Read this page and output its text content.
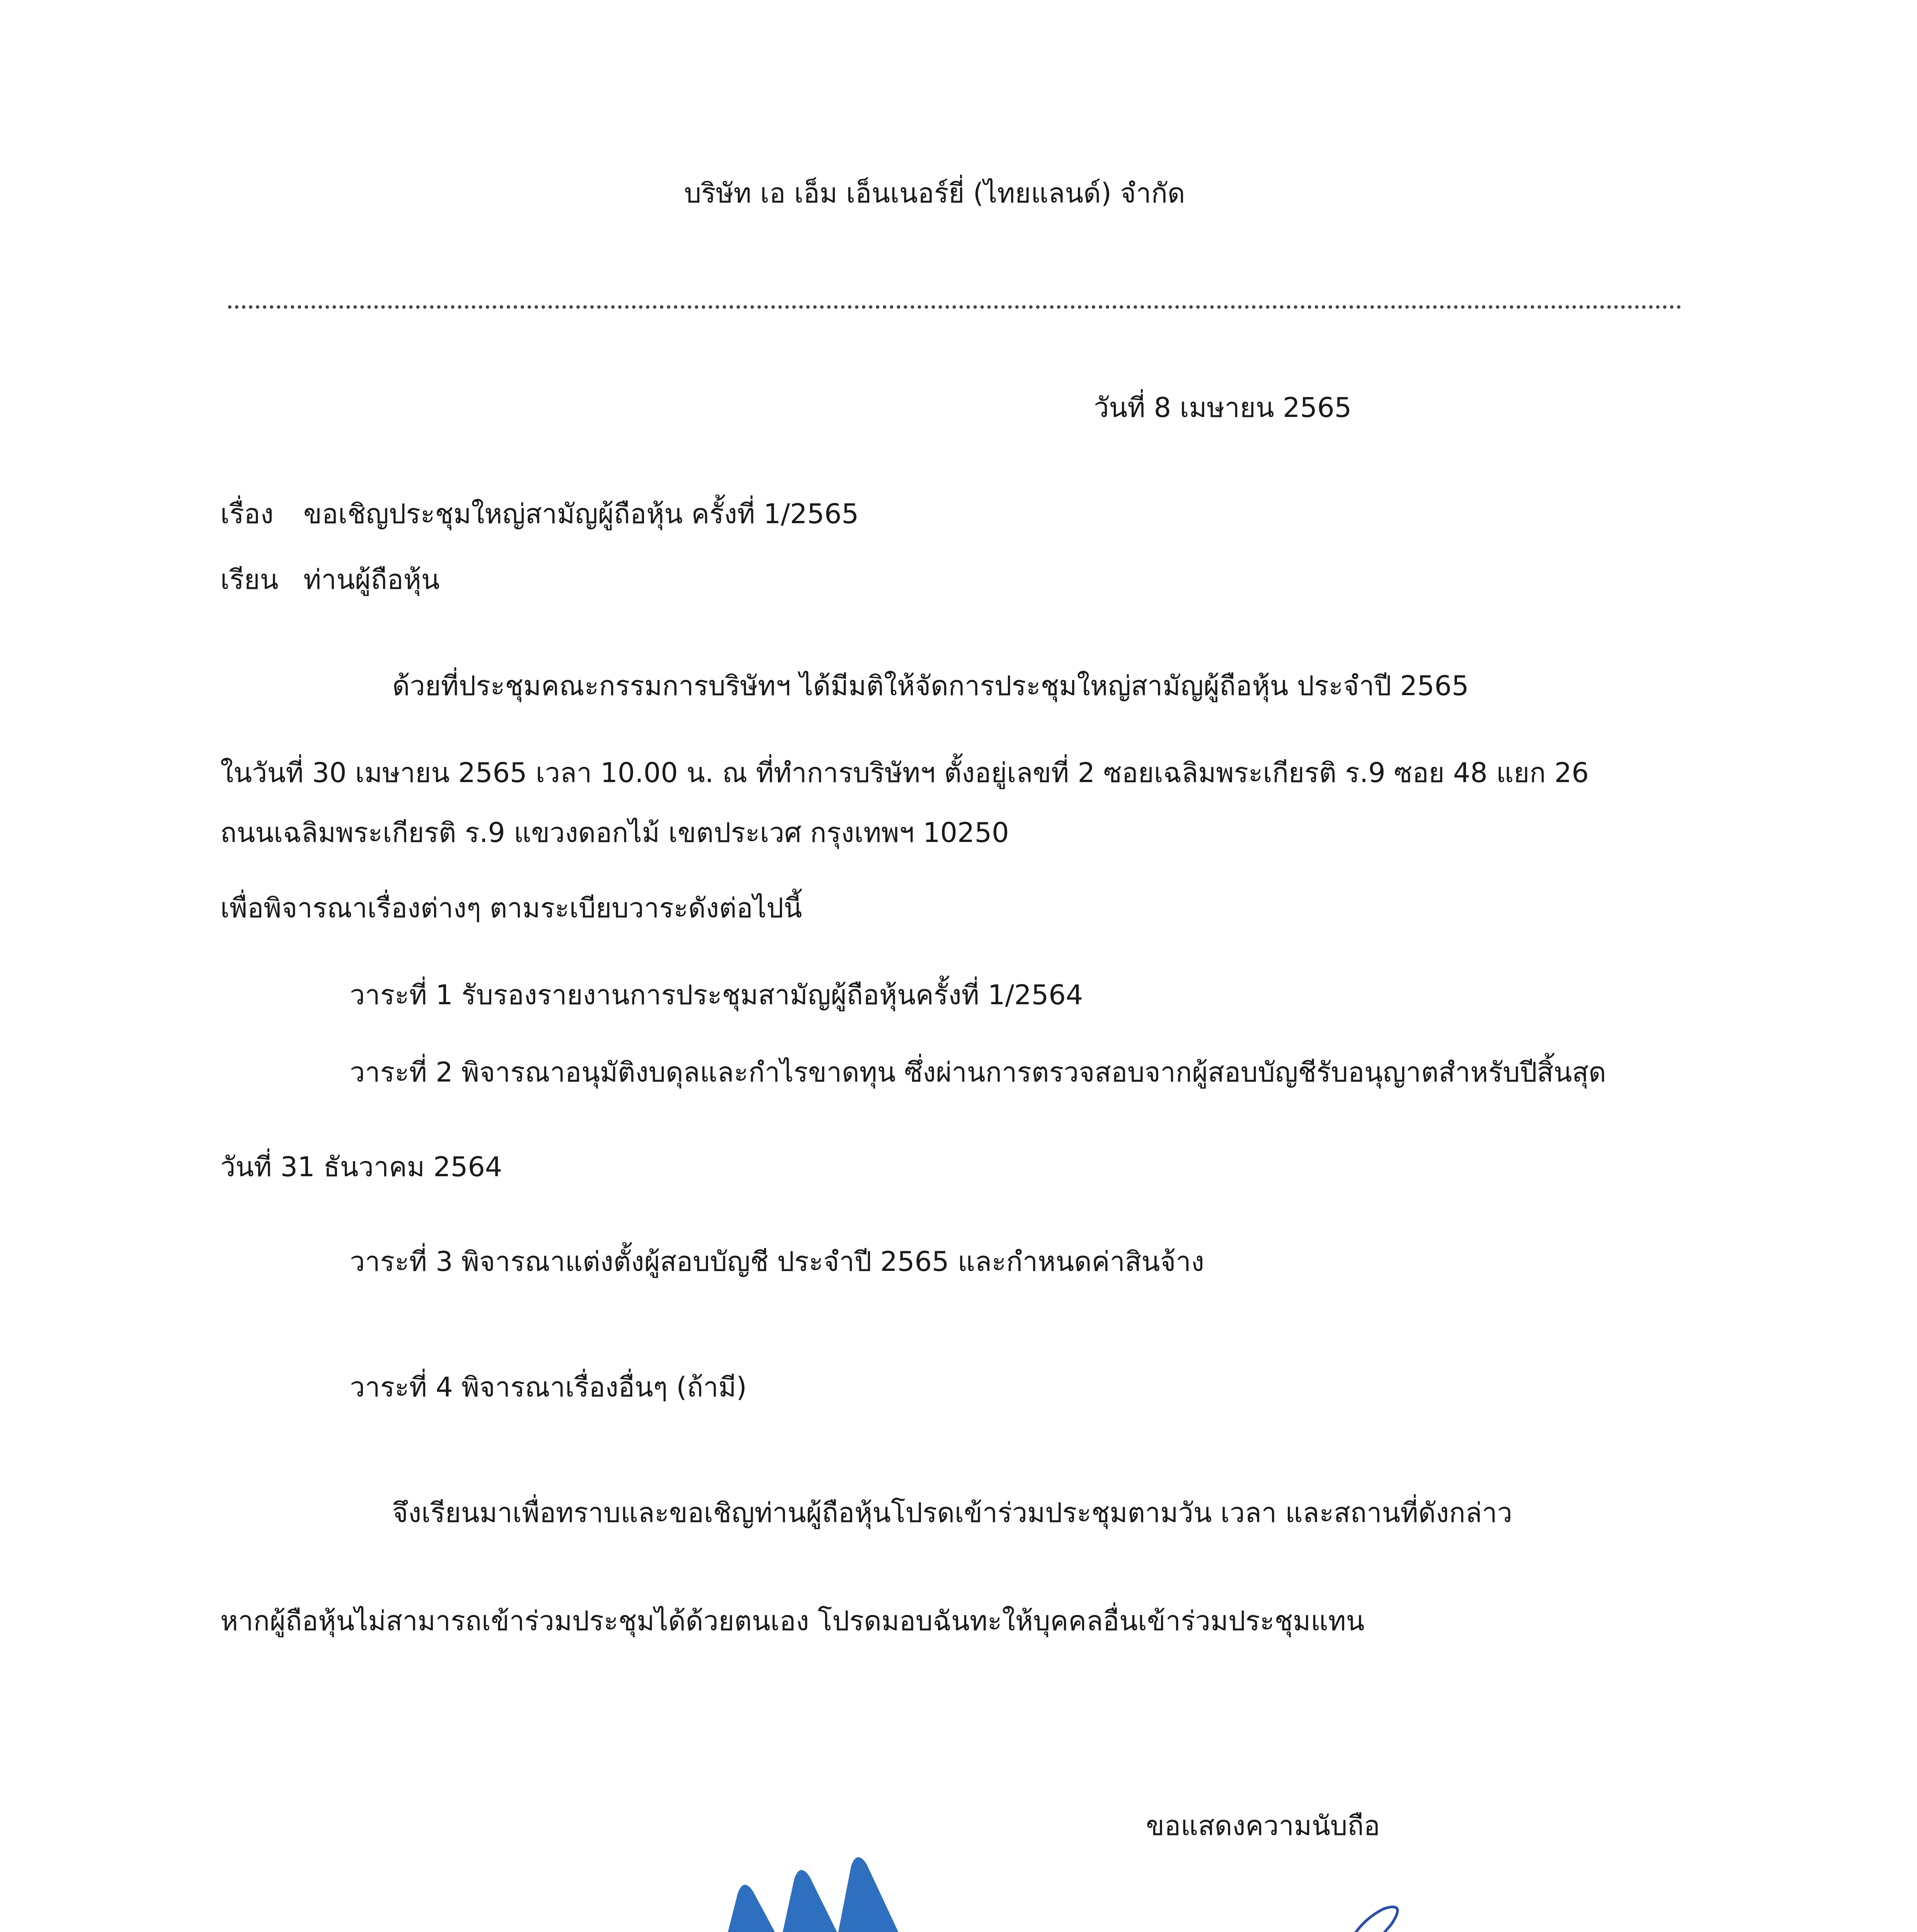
บริษัท เอ เอ็ม เอ็นเนอร์ยี่ (ไทยแลนด์) จำกัด
วันที่ 8 เมษายน 2565
เรื่อง ขอเชิญประชุมใหญ่สามัญผู้ถือหุ้น ครั้งที่ 1/2565
เรียน ท่านผู้ถือหุ้น
ด้วยที่ประชุมคณะกรรมการบริษัทฯ ได้มีมติให้จัดการประชุมใหญ่สามัญผู้ถือหุ้น ประจำปี 2565
ในวันที่ 30 เมษายน 2565 เวลา 10.00 น. ณ ที่ทำการบริษัทฯ ตั้งอยู่เลขที่ 2 ซอยเฉลิมพระเกียรติ ร.9 ซอย 48 แยก 26
ถนนเฉลิมพระเกียรติ ร.9 แขวงดอกไม้ เขตประเวศ กรุงเทพฯ 10250
เพื่อพิจารณาเรื่องต่างๆ ตามระเบียบวาระดังต่อไปนี้
วาระที่ 1 รับรองรายงานการประชุมสามัญผู้ถือหุ้นครั้งที่ 1/2564
วาระที่ 2 พิจารณาอนุมัติงบดุลและกำไรขาดทุน ซึ่งผ่านการตรวจสอบจากผู้สอบบัญชีรับอนุญาตสำหรับปีสิ้นสุด
วันที่ 31 ธันวาคม 2564
วาระที่ 3 พิจารณาแต่งตั้งผู้สอบบัญชี ประจำปี 2565 และกำหนดค่าสินจ้าง
วาระที่ 4 พิจารณาเรื่องอื่นๆ (ถ้ามี)
จึงเรียนมาเพื่อทราบและขอเชิญท่านผู้ถือหุ้นโปรดเข้าร่วมประชุมตามวัน เวลา และสถานที่ดังกล่าว
หากผู้ถือหุ้นไม่สามารถเข้าร่วมประชุมได้ด้วยตนเอง โปรดมอบฉันทะให้บุคคลอื่นเข้าร่วมประชุมแทน
ขอแสดงความนับถือ
